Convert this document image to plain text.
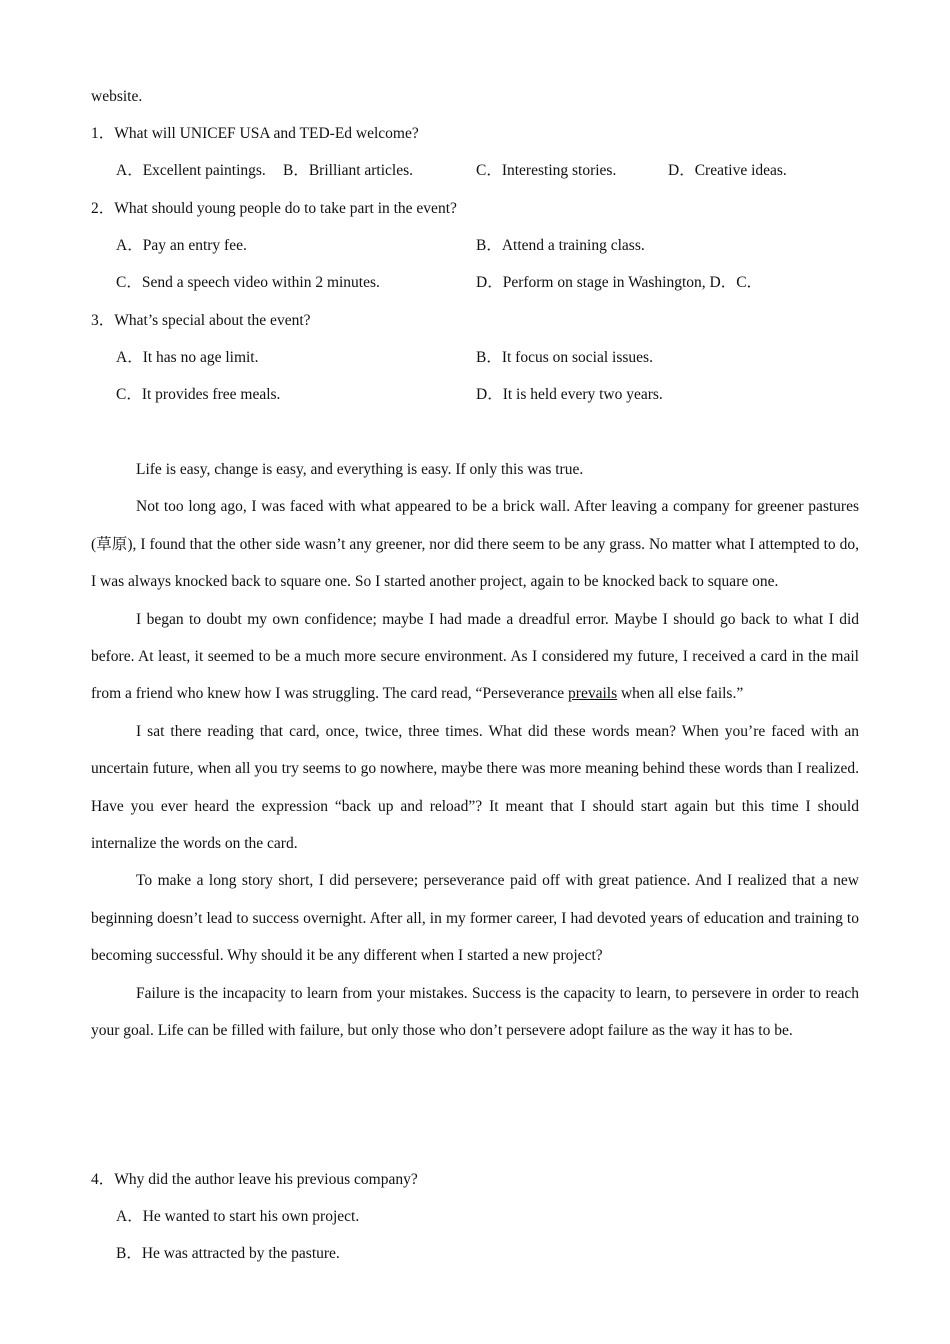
website.
1．What will UNICEF USA and TED-Ed welcome?
A．Excellent paintings. B．Brilliant articles.	C．Interesting stories.	D．Creative ideas.
2．What should young people do to take part in the event?
A．Pay an entry fee.	B．Attend a training class.
C．Send a speech video within 2 minutes.	D．Perform on stage in Washington, D．C．
3．What’s special about the event?
A．It has no age limit.	B．It focus on social issues.
C．It provides free meals.	D．It is held every two years.

Life is easy, change is easy, and everything is easy. If only this was true.

Not too long ago, I was faced with what appeared to be a brick wall. After leaving a company for greener pastures (草原), I found that the other side wasn’t any greener, nor did there seem to be any grass. No matter what I attempted to do, I was always knocked back to square one. So I started another project, again to be knocked back to square one.

I began to doubt my own confidence; maybe I had made a dreadful error. Maybe I should go back to what I did before. At least, it seemed to be a much more secure environment. As I considered my future, I received a card in the mail from a friend who knew how I was struggling. The card read, “Perseverance prevails when all else fails.”

I sat there reading that card, once, twice, three times. What did these words mean? When you’re faced with an uncertain future, when all you try seems to go nowhere, maybe there was more meaning behind these words than I realized. Have you ever heard the expression “back up and reload”? It meant that I should start again but this time I should internalize the words on the card.

To make a long story short, I did persevere; perseverance paid off with great patience. And I realized that a new beginning doesn’t lead to success overnight. After all, in my former career, I had devoted years of education and training to becoming successful. Why should it be any different when I started a new project?

Failure is the incapacity to learn from your mistakes. Success is the capacity to learn, to persevere in order to reach your goal. Life can be filled with failure, but only those who don’t persevere adopt failure as the way it has to be.

4．Why did the author leave his previous company?
A．He wanted to start his own project.
B．He was attracted by the pasture.
